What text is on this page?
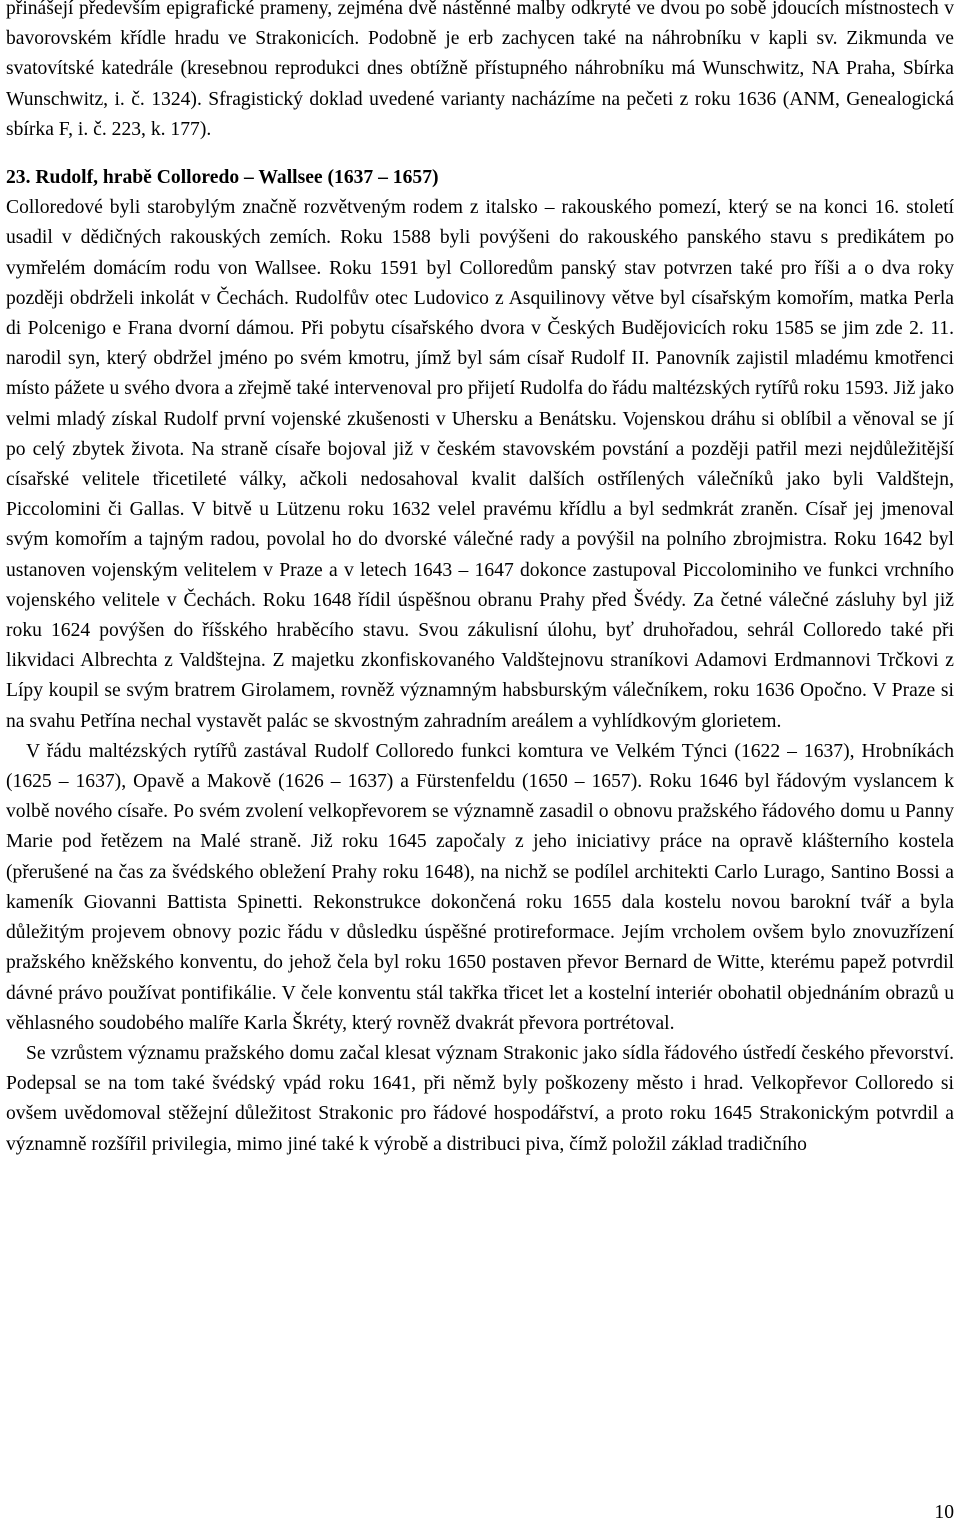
přinášejí především epigrafické prameny, zejména dvě nástěnné malby odkryté ve dvou po sobě jdoucích místnostech v bavorovském křídle hradu ve Strakonicích. Podobně je erb zachycen také na náhrobníku v kapli sv. Zikmunda ve svatovítské katedrále (kresebnou reprodukci dnes obtížně přístupného náhrobníku má Wunschwitz, NA Praha, Sbírka Wunschwitz, i. č. 1324). Sfragistický doklad uvedené varianty nacházíme na pečeti z roku 1636 (ANM, Genealogická sbírka F, i. č. 223, k. 177).

23. Rudolf, hrabě Colloredo – Wallsee (1637 – 1657)

Colloredové byli starobylým značně rozvětveným rodem z italsko – rakouského pomezí, který se na konci 16. století usadil v dědičných rakouských zemích. Roku 1588 byli povýšeni do rakouského panského stavu s predikátem po vymřelém domácím rodu von Wallsee. Roku 1591 byl Colloredům panský stav potvrzen také pro říši a o dva roky později obdrželi inkolát v Čechách. Rudolfův otec Ludovico z Asquilinovy větve byl císařským komořím, matka Perla di Polcenigo e Frana dvorní dámou. Při pobytu císařského dvora v Českých Budějovicích roku 1585 se jim zde 2. 11. narodil syn, který obdržel jméno po svém kmotru, jímž byl sám císař Rudolf II. Panovník zajistil mladému kmotřenci místo pážete u svého dvora a zřejmě také intervenoval pro přijetí Rudolfa do řádu maltézských rytířů roku 1593. Již jako velmi mladý získal Rudolf první vojenské zkušenosti v Uhersku a Benátsku. Vojenskou dráhu si oblíbil a věnoval se jí po celý zbytek života. Na straně císaře bojoval již v českém stavovském povstání a později patřil mezi nejdůležitější císařské velitele třicetileté války, ačkoli nedosahoval kvalit dalších ostřílených válečníků jako byli Valdštejn, Piccolomini či Gallas. V bitvě u Lützenu roku 1632 velel pravému křídlu a byl sedmkrát zraněn. Císař jej jmenoval svým komořím a tajným radou, povolal ho do dvorské válečné rady a povýšil na polního zbrojmistra. Roku 1642 byl ustanoven vojenským velitelem v Praze a v letech 1643 – 1647 dokonce zastupoval Piccolominiho ve funkci vrchního vojenského velitele v Čechách. Roku 1648 řídil úspěšnou obranu Prahy před Švédy. Za četné válečné zásluhy byl již roku 1624 povýšen do říšského hraběcího stavu. Svou zákulisní úlohu, byť druhořadou, sehrál Colloredo také při likvidaci Albrechta z Valdštejna. Z majetku zkonfiskovaného Valdštejnovu straníkovi Adamovi Erdmannovi Trčkovi z Lípy koupil se svým bratrem Girolamem, rovněž významným habsburským válečníkem, roku 1636 Opočno. V Praze si na svahu Petřína nechal vystavět palác se skvostným zahradním areálem a vyhlídkovým glorietem.

V řádu maltézských rytířů zastával Rudolf Colloredo funkci komtura ve Velkém Týnci (1622 – 1637), Hrobníkách (1625 – 1637), Opavě a Makově (1626 – 1637) a Fürstenfeldu (1650 – 1657). Roku 1646 byl řádovým vyslancem k volbě nového císaře. Po svém zvolení velkopřevorem se významně zasadil o obnovu pražského řádového domu u Panny Marie pod řetězem na Malé straně. Již roku 1645 započaly z jeho iniciativy práce na opravě klášterního kostela (přerušené na čas za švédského obležení Prahy roku 1648), na nichž se podílel architekti Carlo Lurago, Santino Bossi a kameník Giovanni Battista Spinetti. Rekonstrukce dokončená roku 1655 dala kostelu novou barokní tvář a byla důležitým projevem obnovy pozic řádu v důsledku úspěšné protireformace. Jejím vrcholem ovšem bylo znovuzřízení pražského kněžského konventu, do jehož čela byl roku 1650 postaven převor Bernard de Witte, kterému papež potvrdil dávné právo používat pontifikálie. V čele konventu stál takřka třicet let a kostelní interiér obohatil objednáním obrazů u věhlasného soudobého malíře Karla Škréty, který rovněž dvakrát převora portrétoval.

Se vzrůstem významu pražského domu začal klesat význam Strakonic jako sídla řádového ústředí českého převorství. Podepsal se na tom také švédský vpád roku 1641, při němž byly poškozeny město i hrad. Velkopřevor Colloredo si ovšem uvědomoval stěžejní důležitost Strakonic pro řádové hospodářství, a proto roku 1645 Strakonickým potvrdil a významně rozšířil privilegia, mimo jiné také k výrobě a distribuci piva, čímž položil základ tradičního

10
